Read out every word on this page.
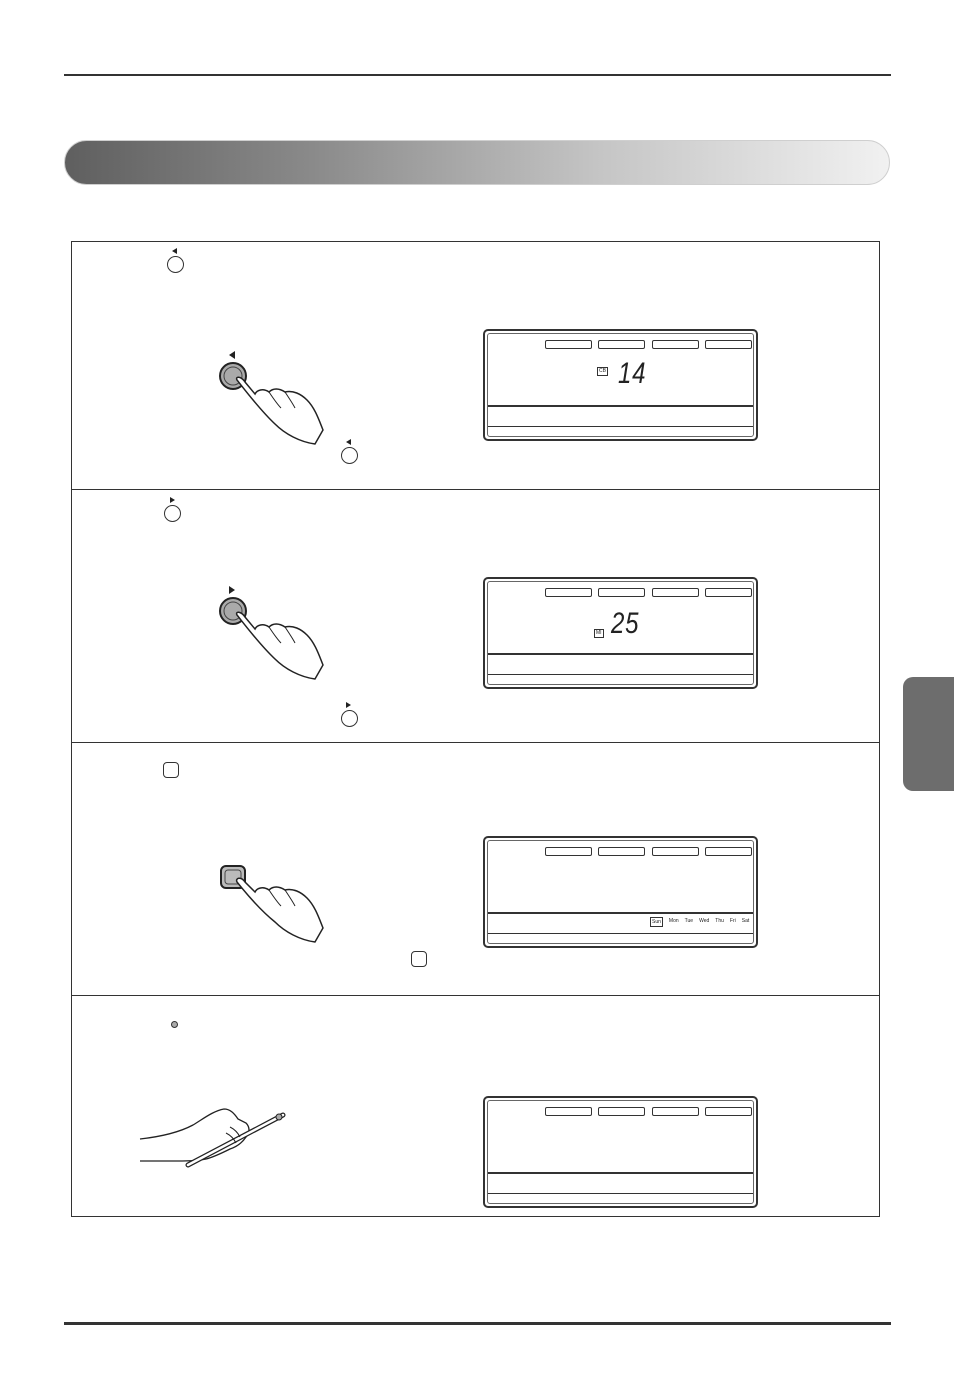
CB 14
MI 25
Sun	Mon Tue Wed Thu Fri Sat
